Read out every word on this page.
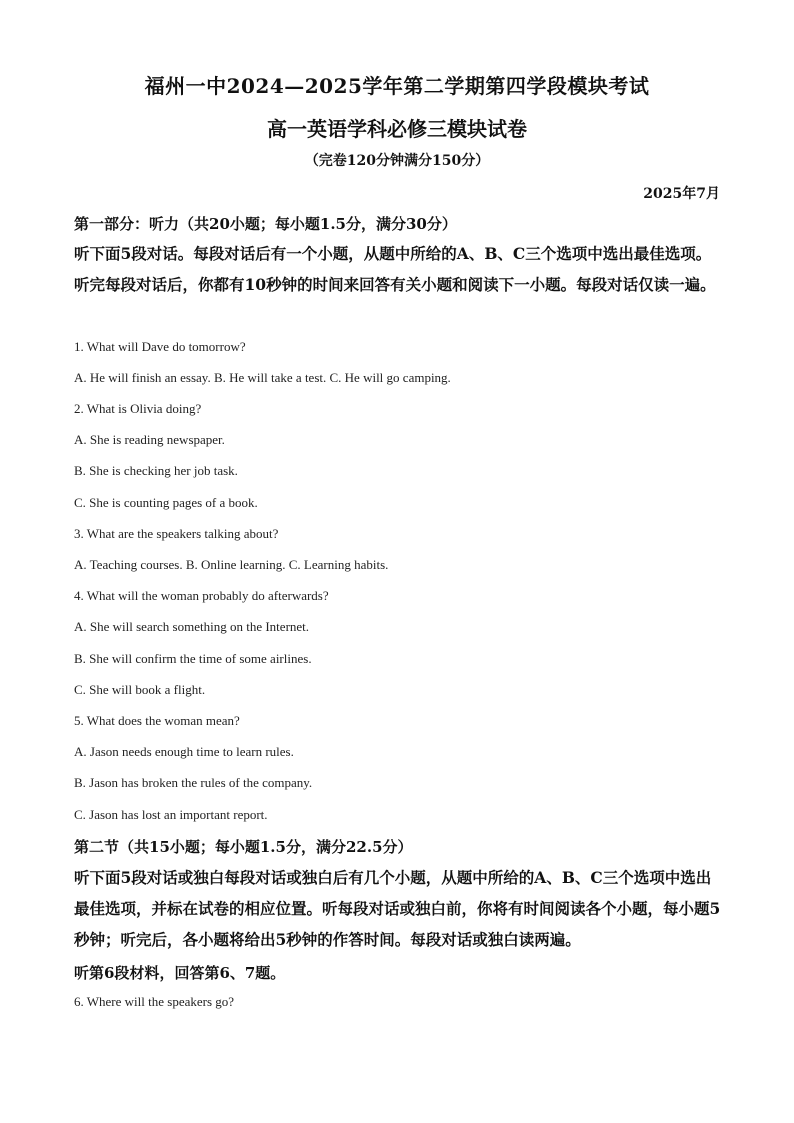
福州一中2024—2025学年第二学期第四学段模块考试
高一英语学科必修三模块试卷
（完卷120分钟满分150分）
2025年7月
第一部分：听力（共20小题；每小题1.5分，满分30分）
听下面5段对话。每段对话后有一个小题，从题中所给的A、B、C三个选项中选出最佳选项。听完每段对话后，你都有10秒钟的时间来回答有关小题和阅读下一小题。每段对话仅读一遍。
1. What will Dave do tomorrow?
A. He will finish an essay. B. He will take a test. C. He will go camping.
2. What is Olivia doing?
A. She is reading newspaper.
B. She is checking her job task.
C. She is counting pages of a book.
3. What are the speakers talking about?
A. Teaching courses. B. Online learning. C. Learning habits.
4. What will the woman probably do afterwards?
A. She will search something on the Internet.
B. She will confirm the time of some airlines.
C. She will book a flight.
5. What does the woman mean?
A. Jason needs enough time to learn rules.
B. Jason has broken the rules of the company.
C. Jason has lost an important report.
第二节（共15小题；每小题1.5分，满分22.5分）
听下面5段对话或独白每段对话或独白后有几个小题，从题中所给的A、B、C三个选项中选出最佳选项，并标在试卷的相应位置。听每段对话或独白前，你将有时间阅读各个小题，每小题5秒钟；听完后，各小题将给出5秒钟的作答时间。每段对话或独白读两遍。
听第6段材料，回答第6、7题。
6. Where will the speakers go?
